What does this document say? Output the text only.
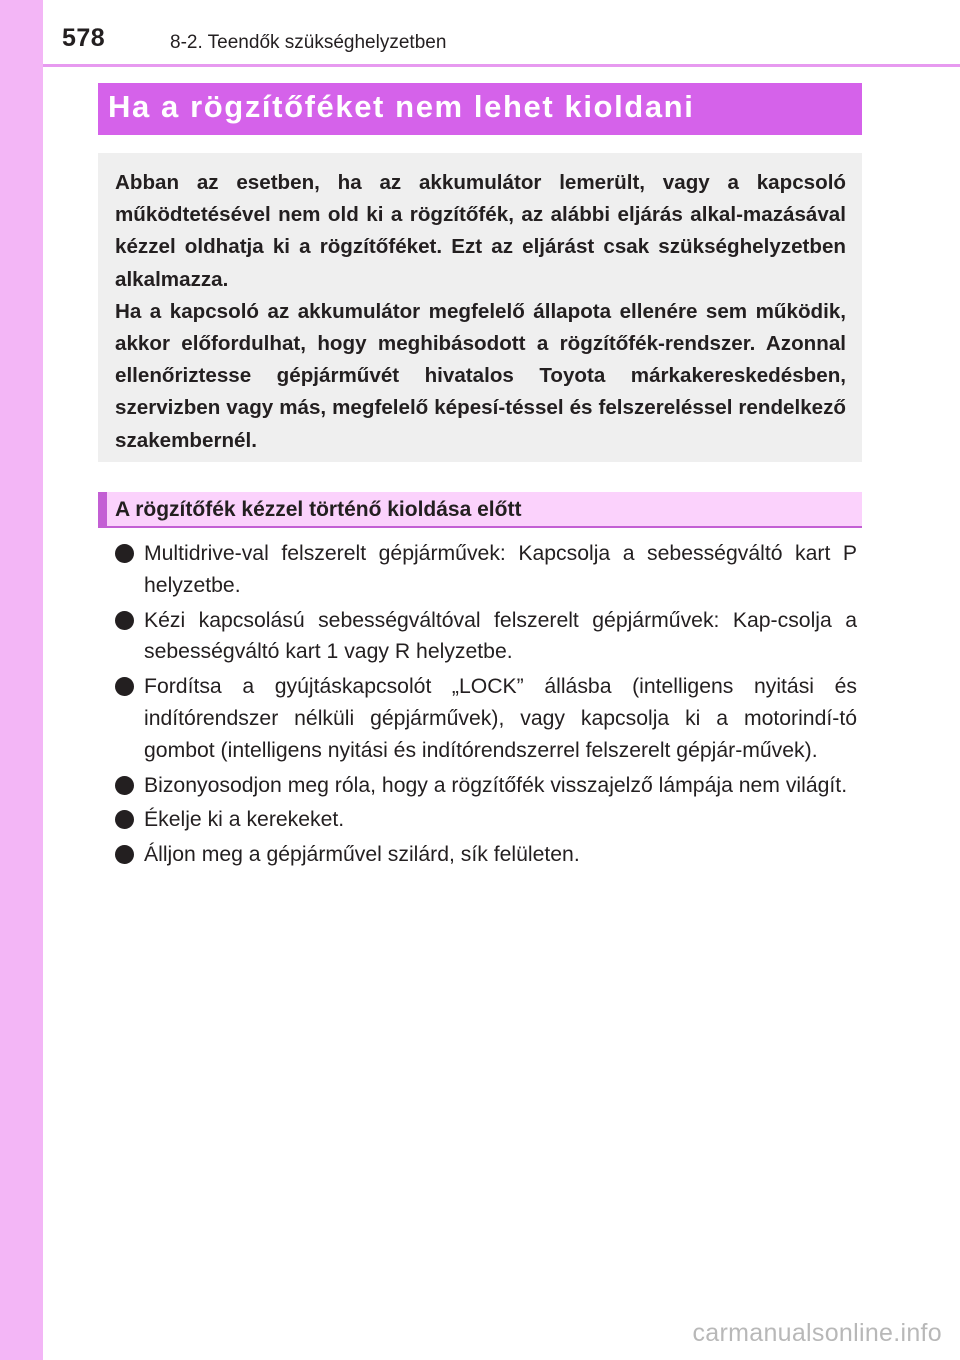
578	8-2. Teendők szükséghelyzetben
Ha a rögzítőféket nem lehet kioldani

Abban az esetben, ha az akkumulátor lemerült, vagy a kapcsoló működtetésével nem old ki a rögzítőfék, az alábbi eljárás alkal-mazásával kézzel oldhatja ki a rögzítőféket. Ezt az eljárást csak szükséghelyzetben alkalmazza.

Ha a kapcsoló az akkumulátor megfelelő állapota ellenére sem működik, akkor előfordulhat, hogy meghibásodott a rögzítőfék-rendszer. Azonnal ellenőriztesse gépjárművét hivatalos Toyota márkakereskedésben, szervizben vagy más, megfelelő képesí-téssel és felszereléssel rendelkező szakembernél.

A rögzítőfék kézzel történő kioldása előtt
Multidrive-val felszerelt gépjárművek: Kapcsolja a sebességváltó kart P helyzetbe.
Kézi kapcsolású sebességváltóval felszerelt gépjárművek: Kap-csolja a sebességváltó kart 1 vagy R helyzetbe.
Fordítsa a gyújtáskapcsolót „LOCK” állásba (intelligens nyitási és indítórendszer nélküli gépjárművek), vagy kapcsolja ki a motorindí-tó gombot (intelligens nyitási és indítórendszerrel felszerelt gépjár-művek).
Bizonyosodjon meg róla, hogy a rögzítőfék visszajelző lámpája nem világít.
Ékelje ki a kerekeket.
Álljon meg a gépjárművel szilárd, sík felületen.
carmanualsonline.info
